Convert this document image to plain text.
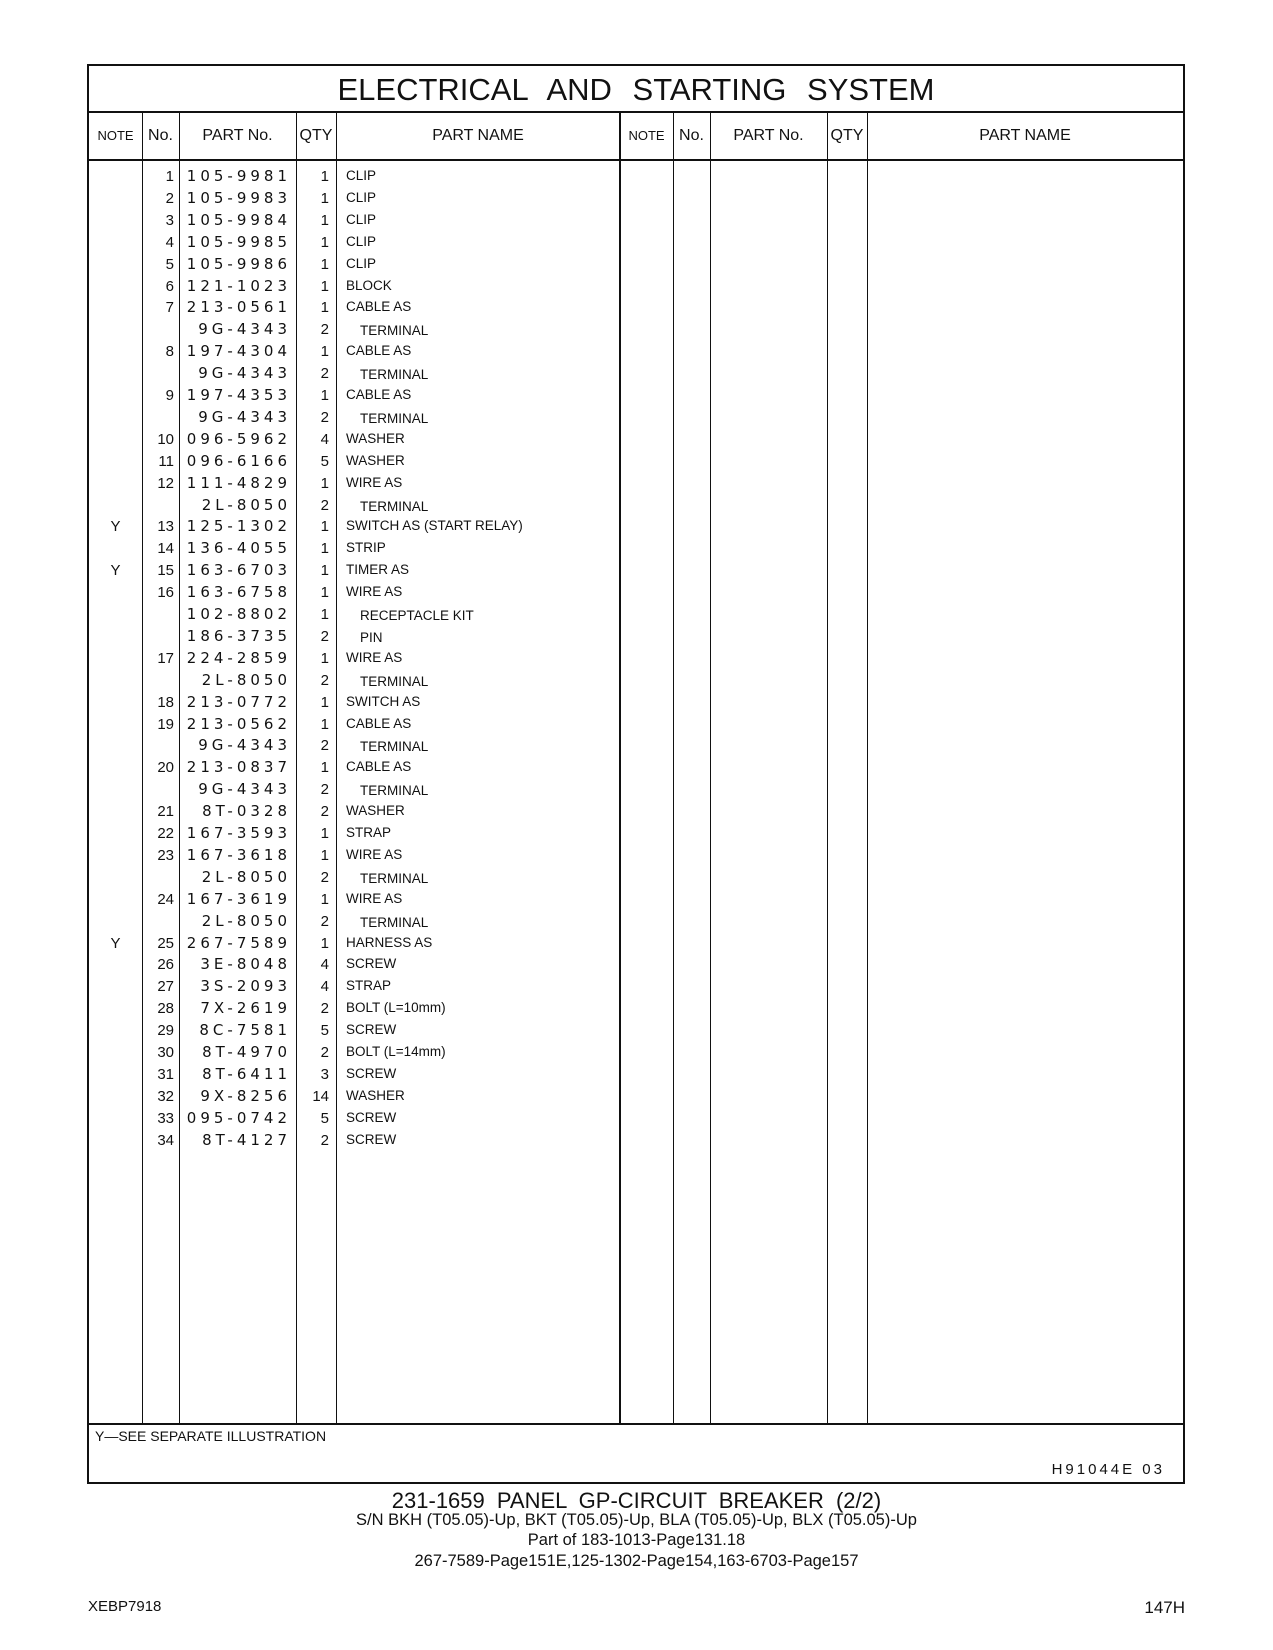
ELECTRICAL AND STARTING SYSTEM
NOTE No.	PART No.	QTY	PART NAME	NOTE No.	PART No.	QTY	PART NAME
1 105-9981	1 CLIP
2 105-9983	1 CLIP
3 105-9984	1 CLIP
4 105-9985	1 CLIP
5 105-9986	1 CLIP
6 121-1023	1 BLOCK
7 213-0561	1 CABLE AS
9G-4343	2 TERMINAL
8 197-4304	1 CABLE AS
9G-4343	2 TERMINAL
9 197-4353	1 CABLE AS
9G-4343	2 TERMINAL
10 096-5962	4 WASHER
11 096-6166	5 WASHER
12 111-4829	1 WIRE AS
2L-8050	2 TERMINAL
Y	13 125-1302	1 SWITCH AS (START RELAY)
14 136-4055	1 STRIP
Y	15 163-6703	1 TIMER AS
16 163-6758	1 WIRE AS
102-8802	1 RECEPTACLE KIT
186-3735	2 PIN
17 224-2859	1 WIRE AS
2L-8050	2 TERMINAL
18 213-0772	1 SWITCH AS
19 213-0562	1 CABLE AS
9G-4343	2 TERMINAL
20 213-0837	1 CABLE AS
9G-4343	2 TERMINAL
21	8T-0328	2 WASHER
22 167-3593	1 STRAP
23 167-3618	1 WIRE AS
2L-8050	2 TERMINAL
24 167-3619	1 WIRE AS
2L-8050	2 TERMINAL
Y	25 267-7589	1 HARNESS AS
26	3E-8048	4 SCREW
27	3S-2093	4 STRAP
28	7X-2619	2 BOLT (L=10mm)
29	8C-7581	5 SCREW
30	8T-4970	2 BOLT (L=14mm)
31	8T-6411	3 SCREW
32	9X-8256	14 WASHER
33 095-0742	5 SCREW
34	8T-4127	2 SCREW
Y—SEE SEPARATE ILLUSTRATION
H91044E 03
231-1659 PANEL GP-CIRCUIT BREAKER (2/2)
S/N BKH (T05.05)-Up, BKT (T05.05)-Up, BLA (T05.05)-Up, BLX (T05.05)-Up
Part of 183-1013-Page131.18
267-7589-Page151E,125-1302-Page154,163-6703-Page157
XEBP7918	147H
